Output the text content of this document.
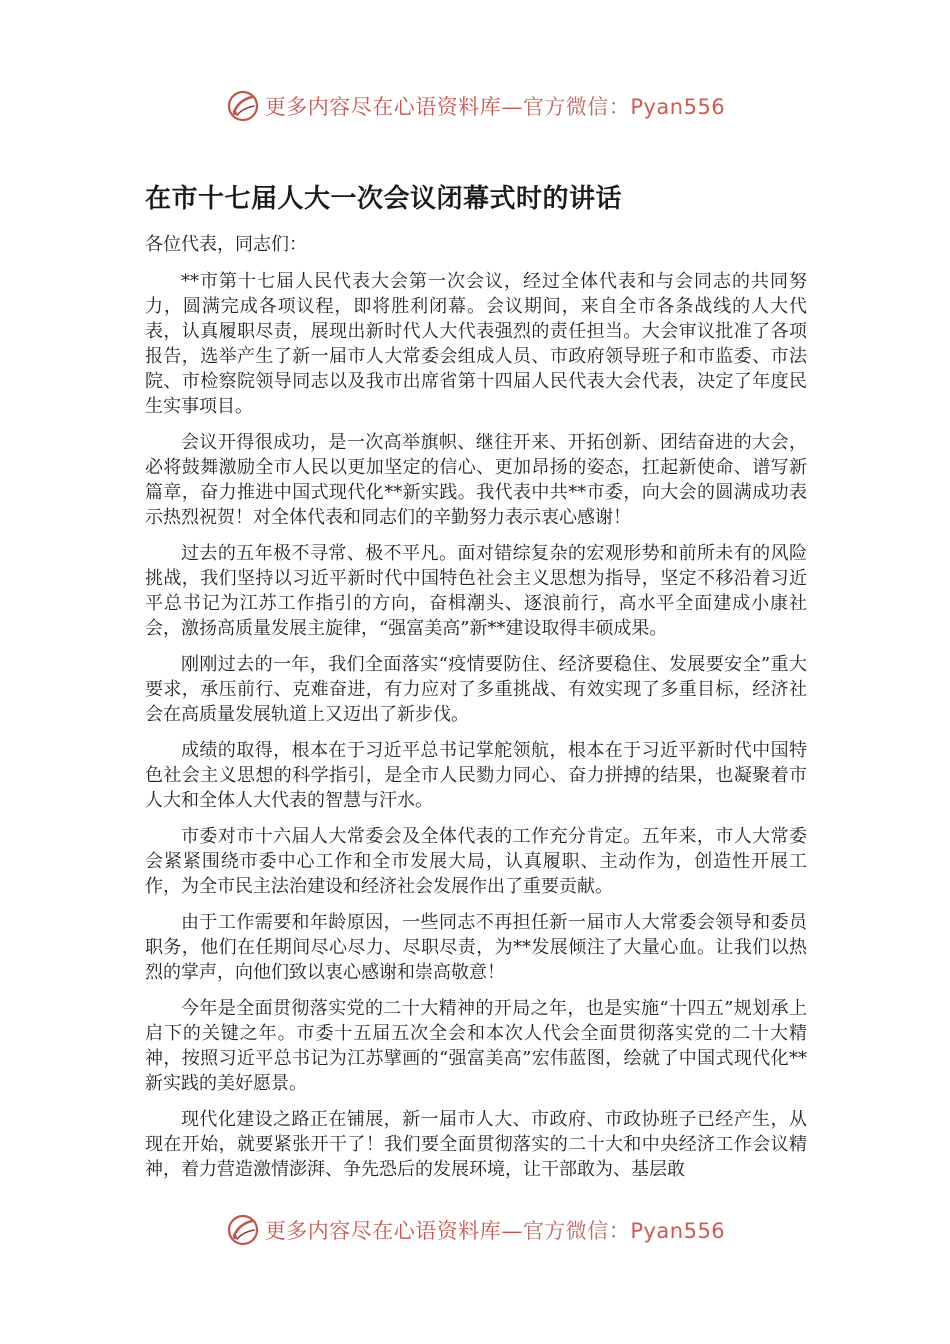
更多内容尽在心语资料库—官方微信：Pyan556
在市十七届人大一次会议闭幕式时的讲话

各位代表，同志们：

**市第十七届人民代表大会第一次会议，经过全体代表和与会同志的共同努力，圆满完成各项议程，即将胜利闭幕。会议期间，来自全市各条战线的人大代表，认真履职尽责，展现出新时代人大代表强烈的责任担当。大会审议批准了各项报告，选举产生了新一届市人大常委会组成人员、市政府领导班子和市监委、市法院、市检察院领导同志以及我市出席省第十四届人民代表大会代表，决定了年度民生实事项目。

会议开得很成功，是一次高举旗帜、继往开来、开拓创新、团结奋进的大会，必将鼓舞激励全市人民以更加坚定的信心、更加昂扬的姿态，扛起新使命、谱写新篇章，奋力推进中国式现代化**新实践。我代表中共**市委，向大会的圆满成功表示热烈祝贺！对全体代表和同志们的辛勤努力表示衷心感谢！

过去的五年极不寻常、极不平凡。面对错综复杂的宏观形势和前所未有的风险挑战，我们坚持以习近平新时代中国特色社会主义思想为指导，坚定不移沿着习近平总书记为江苏工作指引的方向，奋楫潮头、逐浪前行，高水平全面建成小康社会，激扬高质量发展主旋律，“强富美高”新**建设取得丰硕成果。

刚刚过去的一年，我们全面落实“疫情要防住、经济要稳住、发展要安全”重大要求，承压前行、克难奋进，有力应对了多重挑战、有效实现了多重目标，经济社会在高质量发展轨道上又迈出了新步伐。

成绩的取得，根本在于习近平总书记掌舵领航，根本在于习近平新时代中国特色社会主义思想的科学指引，是全市人民勠力同心、奋力拼搏的结果，也凝聚着市人大和全体人大代表的智慧与汗水。

市委对市十六届人大常委会及全体代表的工作充分肯定。五年来，市人大常委会紧紧围绕市委中心工作和全市发展大局，认真履职、主动作为，创造性开展工作，为全市民主法治建设和经济社会发展作出了重要贡献。

由于工作需要和年龄原因，一些同志不再担任新一届市人大常委会领导和委员职务，他们在任期间尽心尽力、尽职尽责，为**发展倾注了大量心血。让我们以热烈的掌声，向他们致以衷心感谢和崇高敬意！

今年是全面贯彻落实党的二十大精神的开局之年，也是实施“十四五”规划承上启下的关键之年。市委十五届五次全会和本次人代会全面贯彻落实党的二十大精神，按照习近平总书记为江苏擘画的“强富美高”宏伟蓝图，绘就了中国式现代化**新实践的美好愿景。

现代化建设之路正在铺展，新一届市人大、市政府、市政协班子已经产生，从现在开始，就要紧张开干了！我们要全面贯彻落实的二十大和中央经济工作会议精神，着力营造激情澎湃、争先恐后的发展环境，让干部敢为、基层敢

更多内容尽在心语资料库—官方微信：Pyan556
